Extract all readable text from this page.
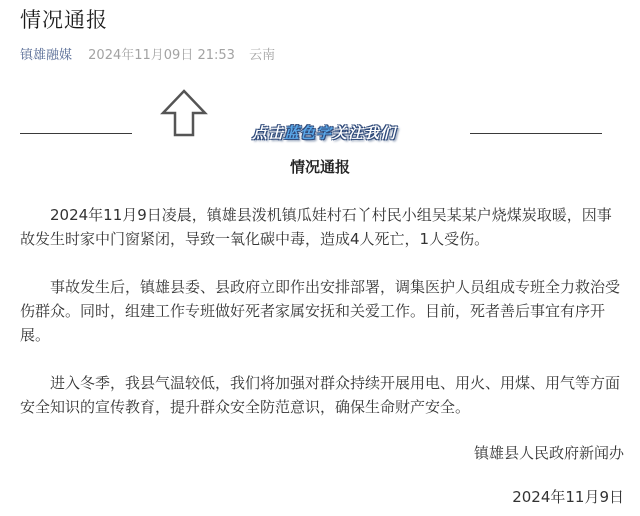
情况通报
镇雄融媒 2024年11月09日 21:53 云南
点击蓝色字关注我们
情况通报

2024年11月9日凌晨，镇雄县泼机镇瓜娃村石丫村民小组吴某某户烧煤炭取暖，因事故发生时家中门窗紧闭，导致一氧化碳中毒，造成4人死亡，1人受伤。

事故发生后，镇雄县委、县政府立即作出安排部署，调集医护人员组成专班全力救治受伤群众。同时，组建工作专班做好死者家属安抚和关爱工作。目前，死者善后事宜有序开展。

进入冬季，我县气温较低，我们将加强对群众持续开展用电、用火、用煤、用气等方面安全知识的宣传教育，提升群众安全防范意识，确保生命财产安全。

镇雄县人民政府新闻办
2024年11月9日
